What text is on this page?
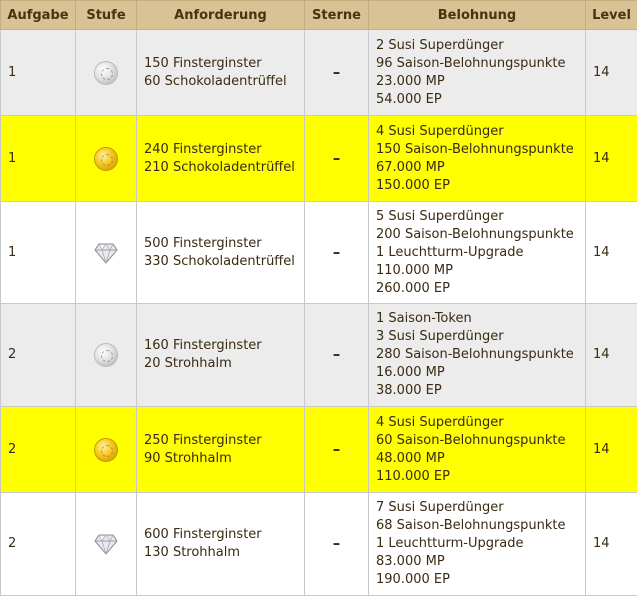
Aufgabe	Stufe	Anforderung	Sterne	Belohnung	Level
1		150 Finsterginster
60 Schokoladentrüffel	–	2 Susi Superdünger
96 Saison-Belohnungspunkte
23.000 MP
54.000 EP	14
1		240 Finsterginster
210 Schokoladentrüffel	–	4 Susi Superdünger
150 Saison-Belohnungspunkte
67.000 MP
150.000 EP	14
1		500 Finsterginster
330 Schokoladentrüffel	–	5 Susi Superdünger
200 Saison-Belohnungspunkte
1 Leuchtturm-Upgrade
110.000 MP
260.000 EP	14
2		160 Finsterginster
20 Strohhalm	–	1 Saison-Token
3 Susi Superdünger
280 Saison-Belohnungspunkte
16.000 MP
38.000 EP	14
2		250 Finsterginster
90 Strohhalm	–	4 Susi Superdünger
60 Saison-Belohnungspunkte
48.000 MP
110.000 EP	14
2		600 Finsterginster
130 Strohhalm	–	7 Susi Superdünger
68 Saison-Belohnungspunkte
1 Leuchtturm-Upgrade
83.000 MP
190.000 EP	14
